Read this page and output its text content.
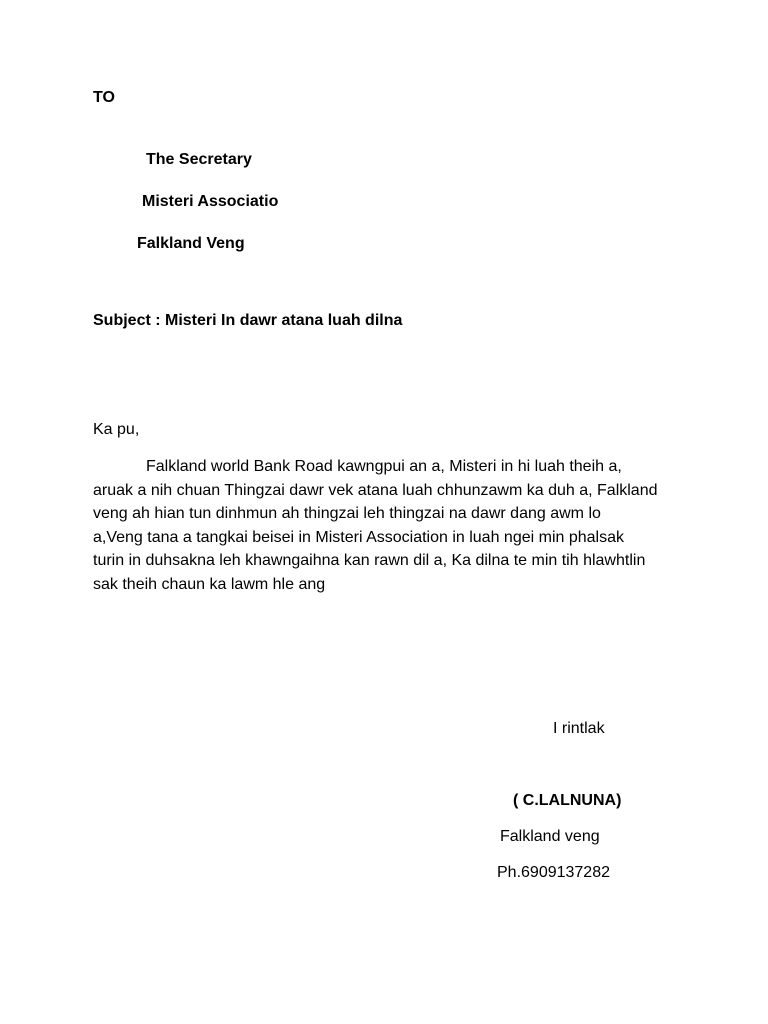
TO
The Secretary
Misteri Associatio
Falkland Veng
Subject : Misteri In dawr atana luah dilna
Ka pu,
Falkland world Bank Road kawngpui an a, Misteri in hi luah theih a,
aruak a nih chuan Thingzai dawr vek atana luah chhunzawm ka duh a, Falkland
veng ah hian tun dinhmun ah thingzai leh thingzai na dawr dang awm lo
a,Veng tana a tangkai beisei in Misteri Association in luah ngei min phalsak
turin in duhsakna leh khawngaihna kan rawn dil a, Ka dilna te min tih hlawhtlin
sak theih chaun ka lawm hle ang
I rintlak
( C.LALNUNA)
Falkland veng
Ph.6909137282
